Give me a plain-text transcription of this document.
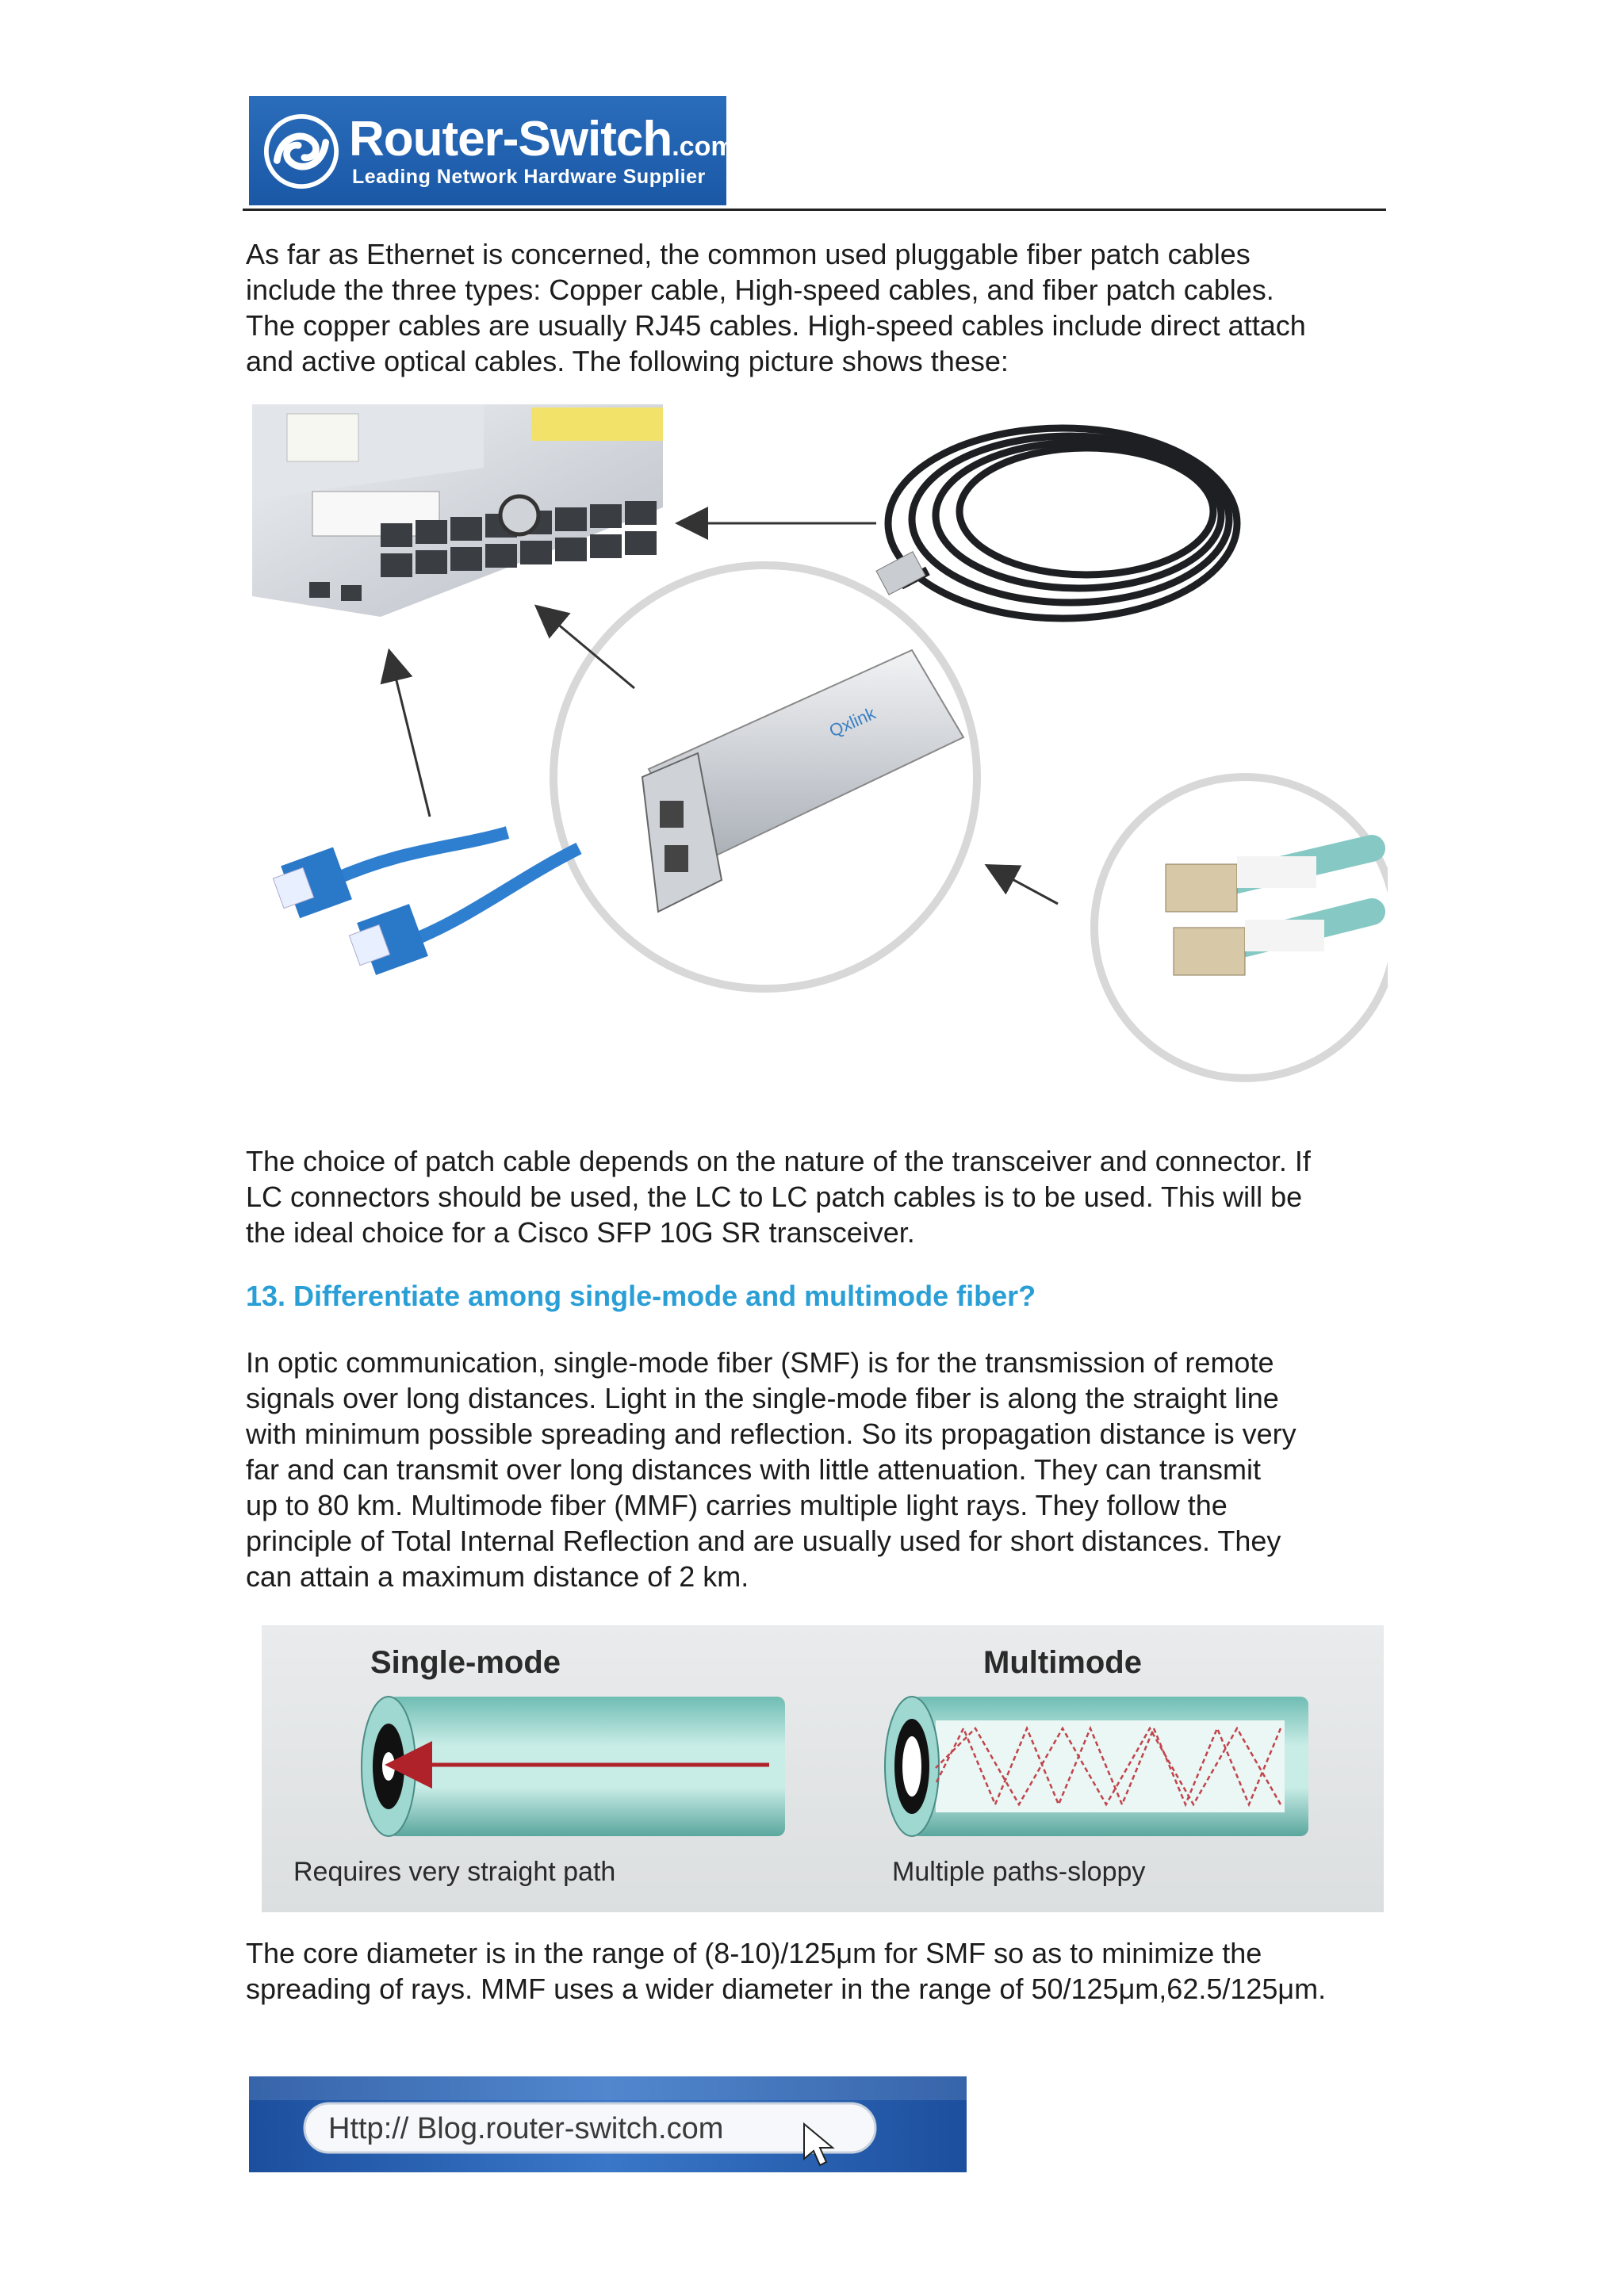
Router-Switch.com
Leading Network Hardware Supplier

As far as Ethernet is concerned, the common used pluggable fiber patch cables
include the three types: Copper cable, High-speed cables, and fiber patch cables.
The copper cables are usually RJ45 cables. High-speed cables include direct attach
and active optical cables. The following picture shows these:

Qxlink

The choice of patch cable depends on the nature of the transceiver and connector. If
LC connectors should be used, the LC to LC patch cables is to be used. This will be
the ideal choice for a Cisco SFP 10G SR transceiver.

13. Differentiate among single-mode and multimode fiber?

In optic communication, single-mode fiber (SMF) is for the transmission of remote
signals over long distances. Light in the single-mode fiber is along the straight line
with minimum possible spreading and reflection. So its propagation distance is very
far and can transmit over long distances with little attenuation. They can transmit
up to 80 km. Multimode fiber (MMF) carries multiple light rays. They follow the
principle of Total Internal Reflection and are usually used for short distances. They
can attain a maximum distance of 2 km.

Single-mode
Requires very straight path
Multimode
Multiple paths-sloppy

The core diameter is in the range of (8-10)/125μm for SMF so as to minimize the
spreading of rays. MMF uses a wider diameter in the range of 50/125μm,62.5/125μm.

Http:// Blog.router-switch.com
